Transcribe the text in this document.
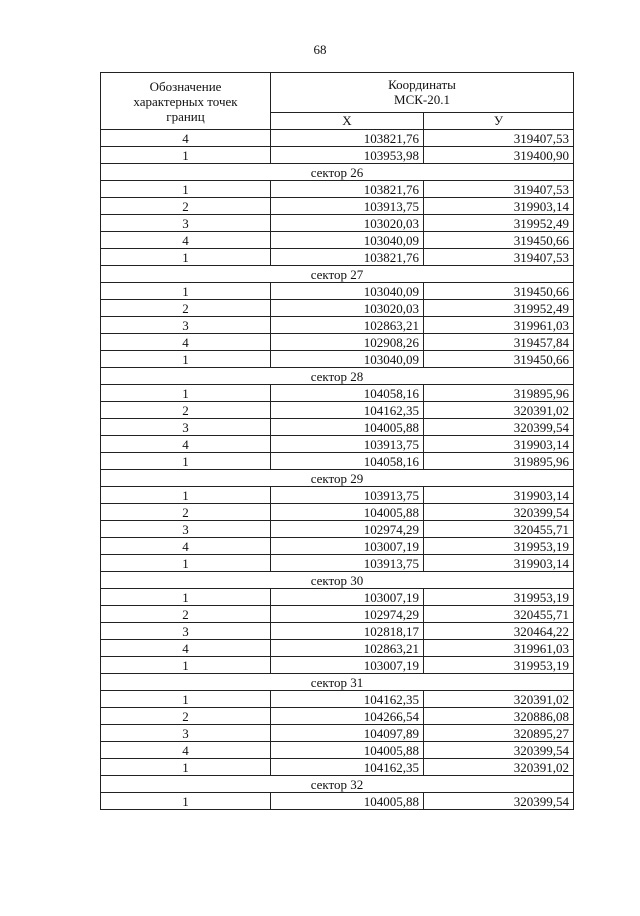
68
Обозначение
характерных точек
границ	Координаты
МСК-20.1	
	X	У
4	103821,76	319407,53
1	103953,98	319400,90
сектор 26		
1	103821,76	319407,53
2	103913,75	319903,14
3	103020,03	319952,49
4	103040,09	319450,66
1	103821,76	319407,53
сектор 27		
1	103040,09	319450,66
2	103020,03	319952,49
3	102863,21	319961,03
4	102908,26	319457,84
1	103040,09	319450,66
сектор 28		
1	104058,16	319895,96
2	104162,35	320391,02
3	104005,88	320399,54
4	103913,75	319903,14
1	104058,16	319895,96
сектор 29		
1	103913,75	319903,14
2	104005,88	320399,54
3	102974,29	320455,71
4	103007,19	319953,19
1	103913,75	319903,14
сектор 30		
1	103007,19	319953,19
2	102974,29	320455,71
3	102818,17	320464,22
4	102863,21	319961,03
1	103007,19	319953,19
сектор 31		
1	104162,35	320391,02
2	104266,54	320886,08
3	104097,89	320895,27
4	104005,88	320399,54
1	104162,35	320391,02
сектор 32		
1	104005,88	320399,54
